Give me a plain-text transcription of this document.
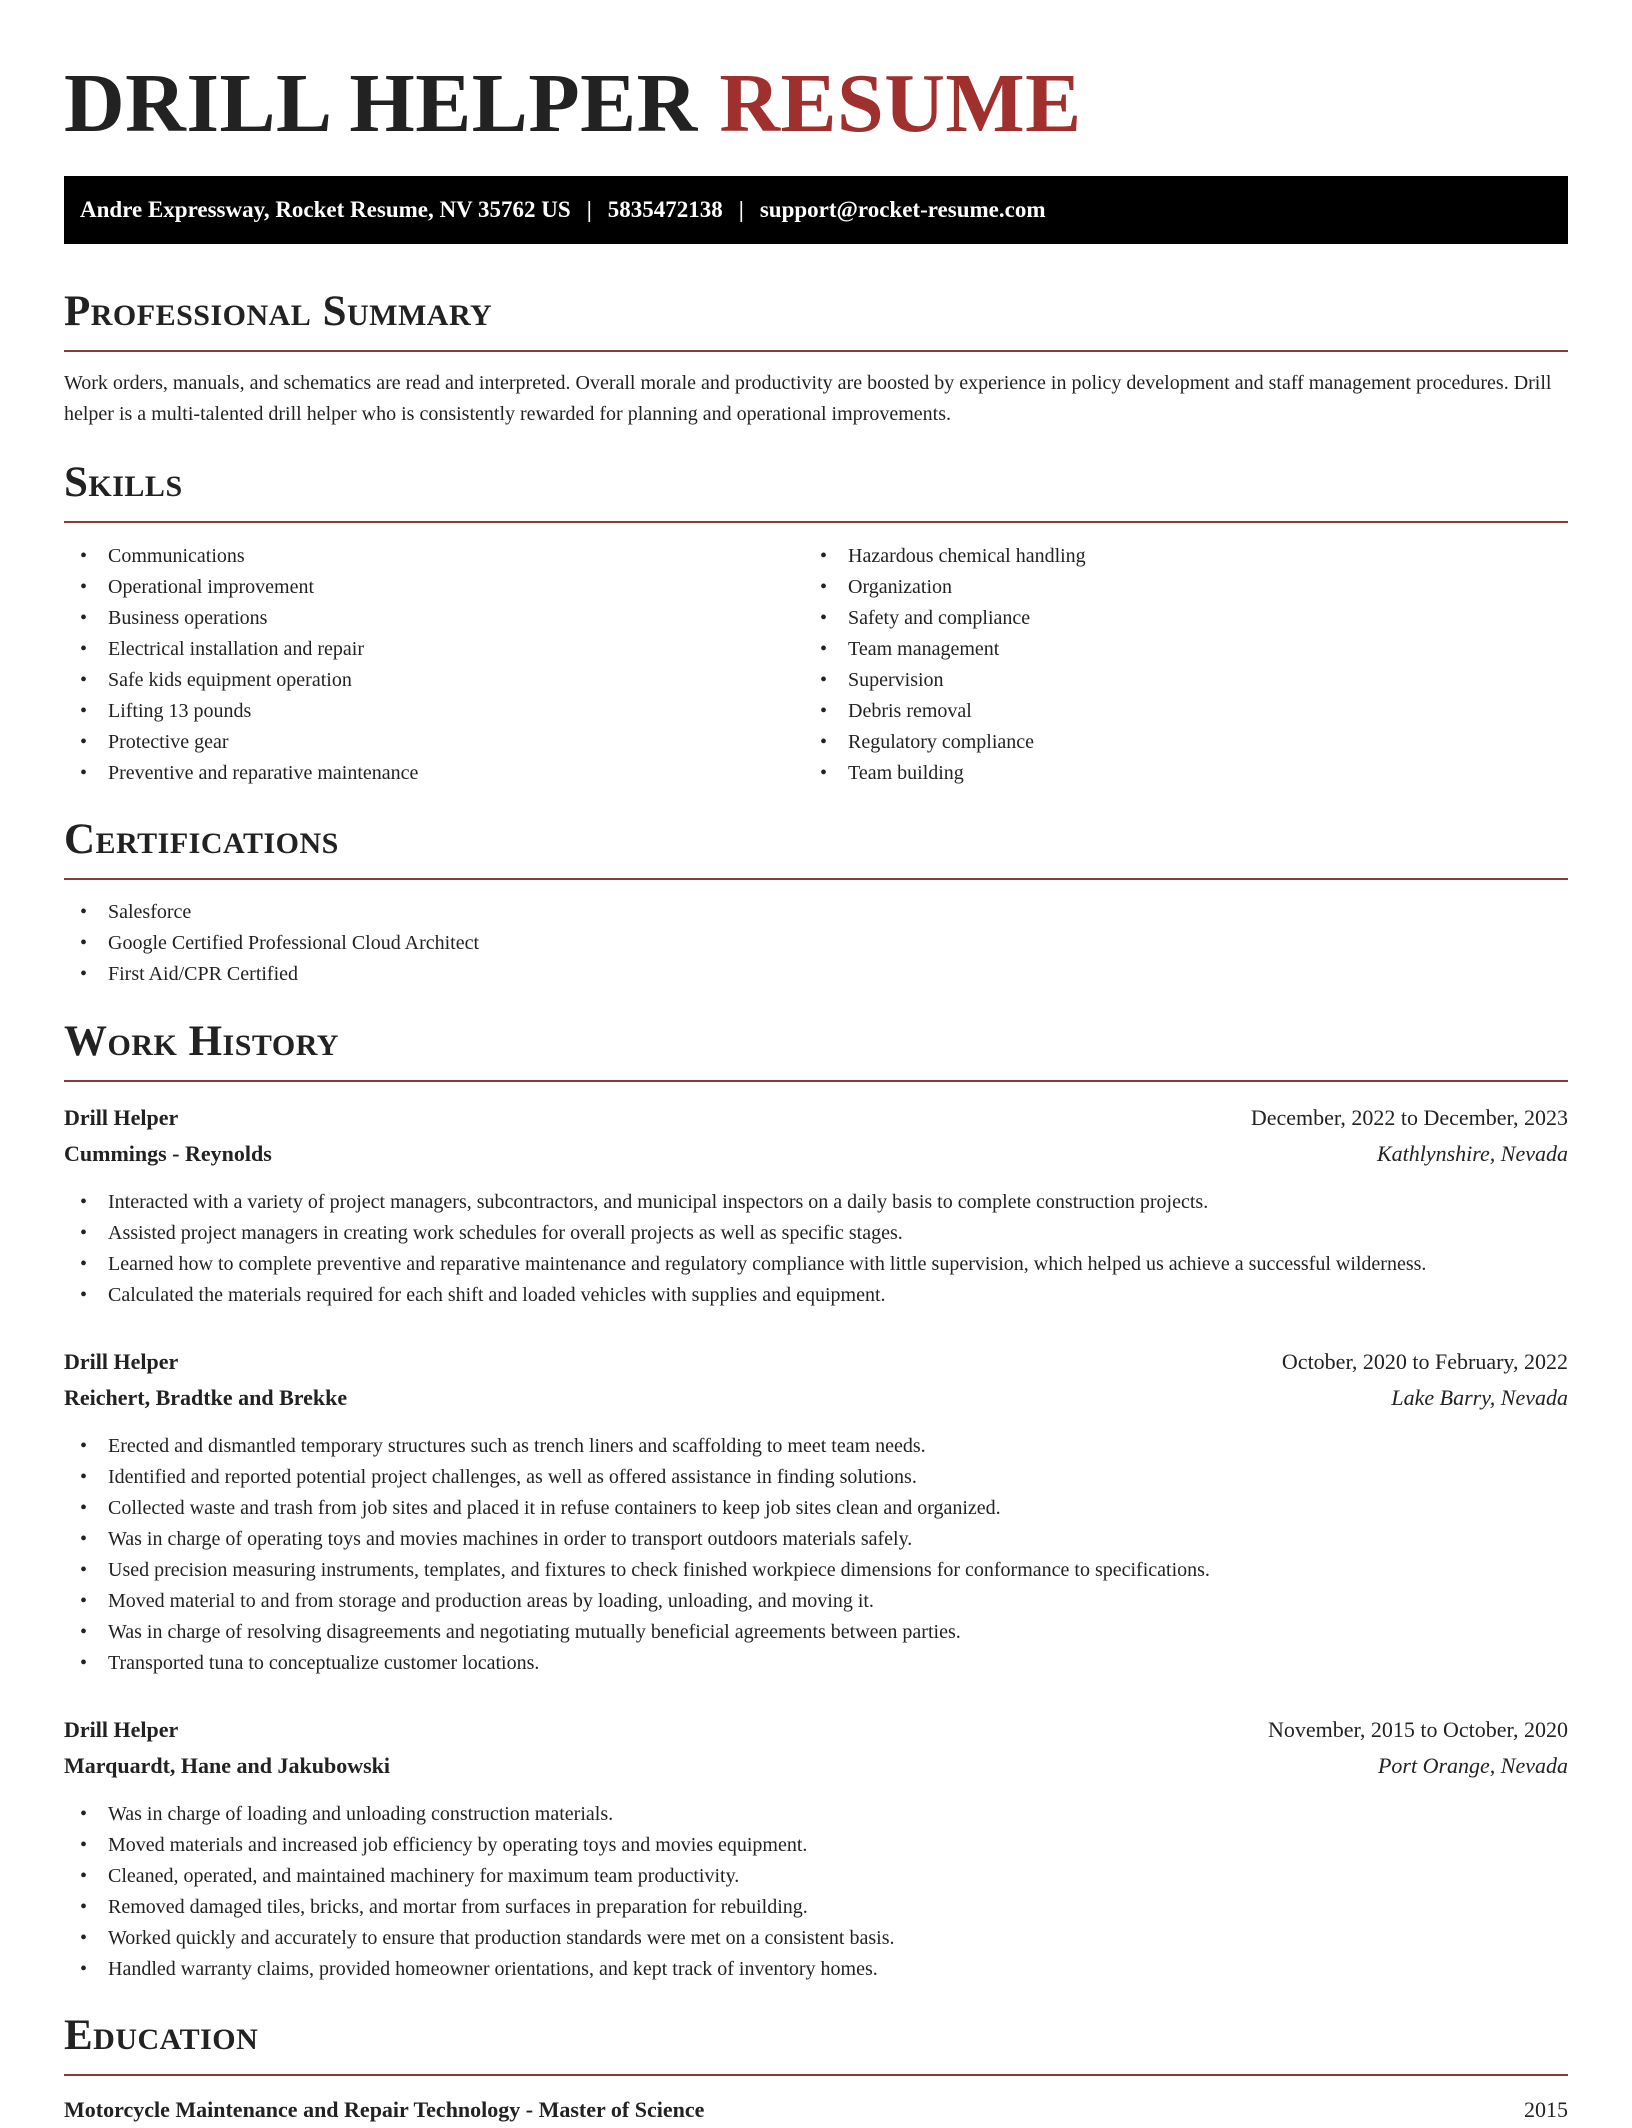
DRILL HELPER RESUME
Andre Expressway, Rocket Resume, NV 35762 US | 5835472138 | support@rocket-resume.com
Professional Summary

Work orders, manuals, and schematics are read and interpreted. Overall morale and productivity are boosted by experience in policy development and staff management procedures. Drill helper is a multi-talented drill helper who is consistently rewarded for planning and operational improvements.

Skills
• Communications
• Operational improvement
• Business operations
• Electrical installation and repair
• Safe kids equipment operation
• Lifting 13 pounds
• Protective gear
• Preventive and reparative maintenance
• Hazardous chemical handling
• Organization
• Safety and compliance
• Team management
• Supervision
• Debris removal
• Regulatory compliance
• Team building
Certifications
• Salesforce
• Google Certified Professional Cloud Architect
• First Aid/CPR Certified
Work History
Drill Helper	December, 2022 to December, 2023
Cummings - Reynolds	Kathlynshire, Nevada
• Interacted with a variety of project managers, subcontractors, and municipal inspectors on a daily basis to complete construction projects.
• Assisted project managers in creating work schedules for overall projects as well as specific stages.
• Learned how to complete preventive and reparative maintenance and regulatory compliance with little supervision, which helped us achieve a successful wilderness.
• Calculated the materials required for each shift and loaded vehicles with supplies and equipment.
Drill Helper	October, 2020 to February, 2022
Reichert, Bradtke and Brekke	Lake Barry, Nevada
• Erected and dismantled temporary structures such as trench liners and scaffolding to meet team needs.
• Identified and reported potential project challenges, as well as offered assistance in finding solutions.
• Collected waste and trash from job sites and placed it in refuse containers to keep job sites clean and organized.
• Was in charge of operating toys and movies machines in order to transport outdoors materials safely.
• Used precision measuring instruments, templates, and fixtures to check finished workpiece dimensions for conformance to specifications.
• Moved material to and from storage and production areas by loading, unloading, and moving it.
• Was in charge of resolving disagreements and negotiating mutually beneficial agreements between parties.
• Transported tuna to conceptualize customer locations.
Drill Helper	November, 2015 to October, 2020
Marquardt, Hane and Jakubowski	Port Orange, Nevada
• Was in charge of loading and unloading construction materials.
• Moved materials and increased job efficiency by operating toys and movies equipment.
• Cleaned, operated, and maintained machinery for maximum team productivity.
• Removed damaged tiles, bricks, and mortar from surfaces in preparation for rebuilding.
• Worked quickly and accurately to ensure that production standards were met on a consistent basis.
• Handled warranty claims, provided homeowner orientations, and kept track of inventory homes.
Education
Motorcycle Maintenance and Repair Technology - Master of Science	2015
